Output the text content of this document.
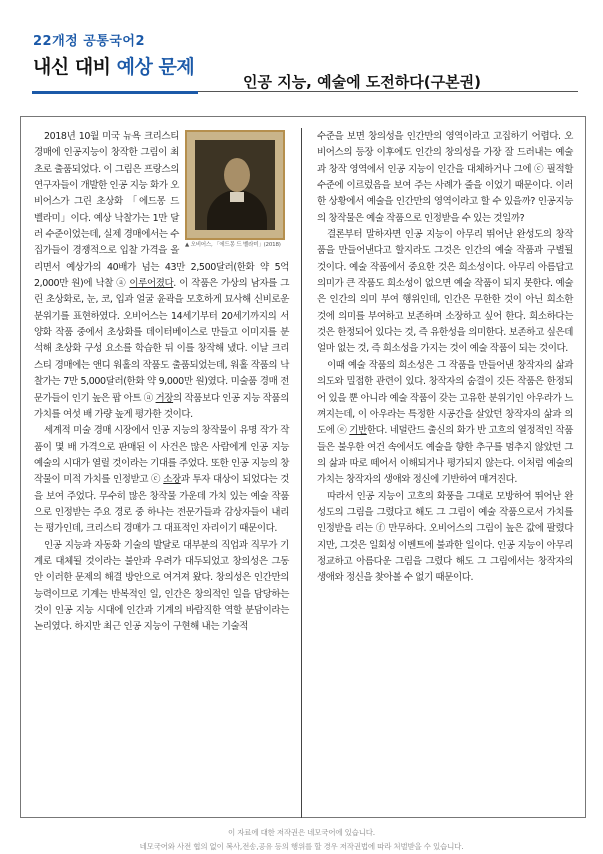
22개정 공통국어2
내신 대비 예상 문제
인공 지능, 예술에 도전하다(구본권)
▲ 오비어스, 「에드몽 드 벨라미」(2018)

2018년 10월 미국 뉴욕 크리스티 경매에 인공지능이 창작한 그림이 최초로 출품되었다. 이 그림은 프랑스의 연구자들이 개발한 인공 지능 화가 오비어스가 그린 초상화 「에드몽 드 벨라미」이다. 예상 낙찰가는 1만 달러 수준이었는데, 실제 경매에서는 수집가들이 경쟁적으로 입찰 가격을 올리면서 예상가의 40배가 넘는 43만 2,500달러(한화 약 5억 2,000만 원)에 낙찰 ⓐ 이루어졌다. 이 작품은 가상의 남자를 그린 초상화로, 눈, 코, 입과 얼굴 윤곽을 모호하게 묘사해 신비로운 분위기를 표현하였다. 오비어스는 14세기부터 20세기까지의 서양화 작품 중에서 초상화를 데이터베이스로 만들고 이미지를 분석해 초상화 구성 요소를 학습한 뒤 이를 창작해 냈다. 이날 크리스티 경매에는 앤디 워홀의 작품도 출품되었는데, 워홀 작품의 낙찰가는 7만 5,000달러(한화 약 9,000만 원)였다. 미술품 경매 전문가들이 인기 높은 팝 아트 ⓐ 거장의 작품보다 인공 지능 작품의 가치를 여섯 배 가량 높게 평가한 것이다.

세계적 미술 경매 시장에서 인공 지능의 창작물이 유명 작가 작품이 몇 배 가격으로 판매된 이 사건은 많은 사람에게 인공 지능 예술의 시대가 열릴 것이라는 기대를 주었다. 또한 인공 지능의 창작물이 미적 가치를 인정받고 ⓒ 소장과 투자 대상이 되었다는 것을 보여 주었다. 무수히 많은 창작물 가운데 가치 있는 예술 작품으로 인정받는 주요 경로 중 하나는 전문가들과 감상자들이 내리는 평가인데, 크리스티 경매가 그 대표적인 자리이기 때문이다.

인공 지능과 자동화 기술의 발달로 대부분의 직업과 직무가 기계로 대체될 것이라는 불안과 우려가 대두되었고 창의성은 그동안 이러한 문제의 해결 방안으로 여겨져 왔다. 창의성은 인간만의 능력이므로 기계는 반복적인 일, 인간은 창의적인 일을 담당하는 것이 인공 지능 시대에 인간과 기계의 바람직한 역할 분담이라는 논리였다. 하지만 최근 인공 지능이 구현해 내는 기술적

수준을 보면 창의성을 인간만의 영역이라고 고집하기 어렵다. 오비어스의 등장 이후에도 인간의 창의성을 가장 잘 드러내는 예술과 창작 영역에서 인공 지능이 인간을 대체하거나 그에 ⓒ 필적할 수준에 이르렀음을 보여 주는 사례가 줄을 이었기 때문이다. 이러한 상황에서 예술을 인간만의 영역이라고 할 수 있을까? 인공지능의 창작물은 예술 작품으로 인정받을 수 있는 것일까?

결론부터 말하자면 인공 지능이 아무리 뛰어난 완성도의 창작품을 만들어낸다고 할지라도 그것은 인간의 예술 작품과 구별될 것이다. 예술 작품에서 중요한 것은 희소성이다. 아무리 아름답고 의미가 큰 작품도 희소성이 없으면 예술 작품이 되지 못한다. 예술은 인간의 의미 부여 행위인데, 인간은 무한한 것이 아닌 희소한 것에 의미를 부여하고 보존하며 소장하고 싶어 한다. 희소하다는 것은 한정되어 있다는 것, 즉 유한성을 의미한다. 보존하고 싶은데 얼마 없는 것, 즉 희소성을 가지는 것이 예술 작품이 되는 것이다.

이때 예술 작품의 희소성은 그 작품을 만들어낸 창작자의 삶과 의도와 밀접한 관련이 있다. 창작자의 숨결이 깃든 작품은 한정되어 있을 뿐 아니라 예술 작품이 갖는 고유한 분위기인 아우라가 느껴지는데, 이 아우라는 특정한 시공간을 살았던 창작자의 삶과 의도에 ⓔ 기반한다. 네덜란드 출신의 화가 반 고흐의 열정적인 작품들은 불우한 여건 속에서도 예술을 향한 추구를 멈추지 않았던 그의 삶과 따로 떼어서 이해되거나 평가되지 않는다. 이처럼 예술의 가치는 창작자의 생애와 정신에 기반하여 매겨진다.

따라서 인공 지능이 고흐의 화풍을 그대로 모방하여 뛰어난 완성도의 그림을 그렸다고 해도 그 그림이 예술 작품으로서 가치를 인정받을 리는 ⓕ 만무하다. 오비어스의 그림이 높은 값에 팔렸다지만, 그것은 일회성 이벤트에 불과한 일이다. 인공 지능이 아무리 정교하고 아름다운 그림을 그렸다 해도 그 그림에서는 창작자의 생애와 정신을 찾아볼 수 없기 때문이다.

이 자료에 대한 저작권은 네모국어에 있습니다.
네모국어와 사전 협의 없이 복사,전송,공유 등의 행위를 할 경우 저작권법에 따라 처벌받을 수 있습니다.
